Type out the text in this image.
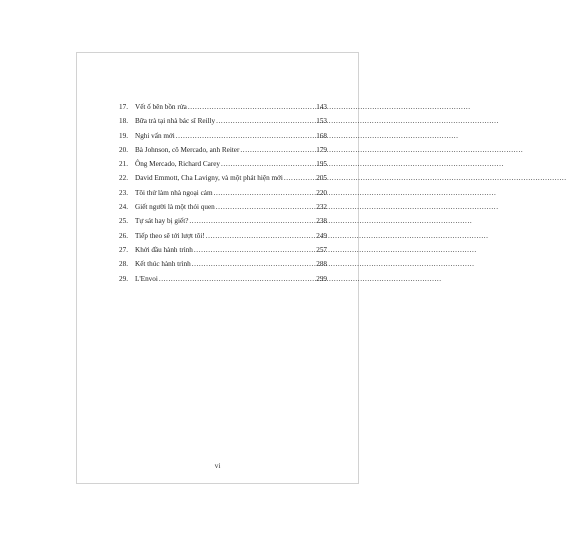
17. Vết ố bên bồn rửa .....	143
18. Bữa trà tại nhà bác sĩ Reilly .....	153
19. Nghi vấn mới .....	168
20. Bà Johnson, cô Mercado, anh Reiter .....	179
21. Ông Mercado, Richard Carey .....	195
22. David Emmott, Cha Lavigny, và một phát hiện mới .....	205
23. Tôi thử làm nhà ngoại cảm .....	220
24. Giết người là một thói quen .....	232
25. Tự sát hay bị giết? .....	238
26. Tiếp theo sẽ tới lượt tôi! .....	249
27. Khởi đầu hành trình .....	257
28. Kết thúc hành trình .....	288
29. L'Envoi .....	299
vi
